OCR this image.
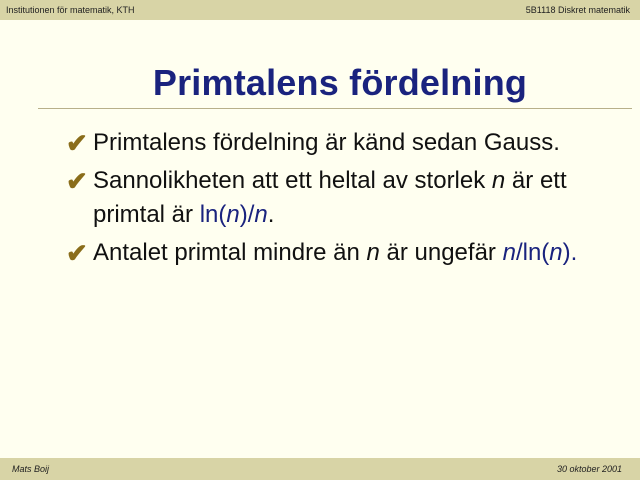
Institutionen för matematik, KTH	5B1118 Diskret matematik
Primtalens fördelning
✔ Primtalens fördelning är känd sedan Gauss.
✔ Sannolikheten att ett heltal av storlek n är ett primtal är ln(n)/n.
✔ Antalet primtal mindre än n är ungefär n/ln(n).
Mats Boij	30 oktober 2001
